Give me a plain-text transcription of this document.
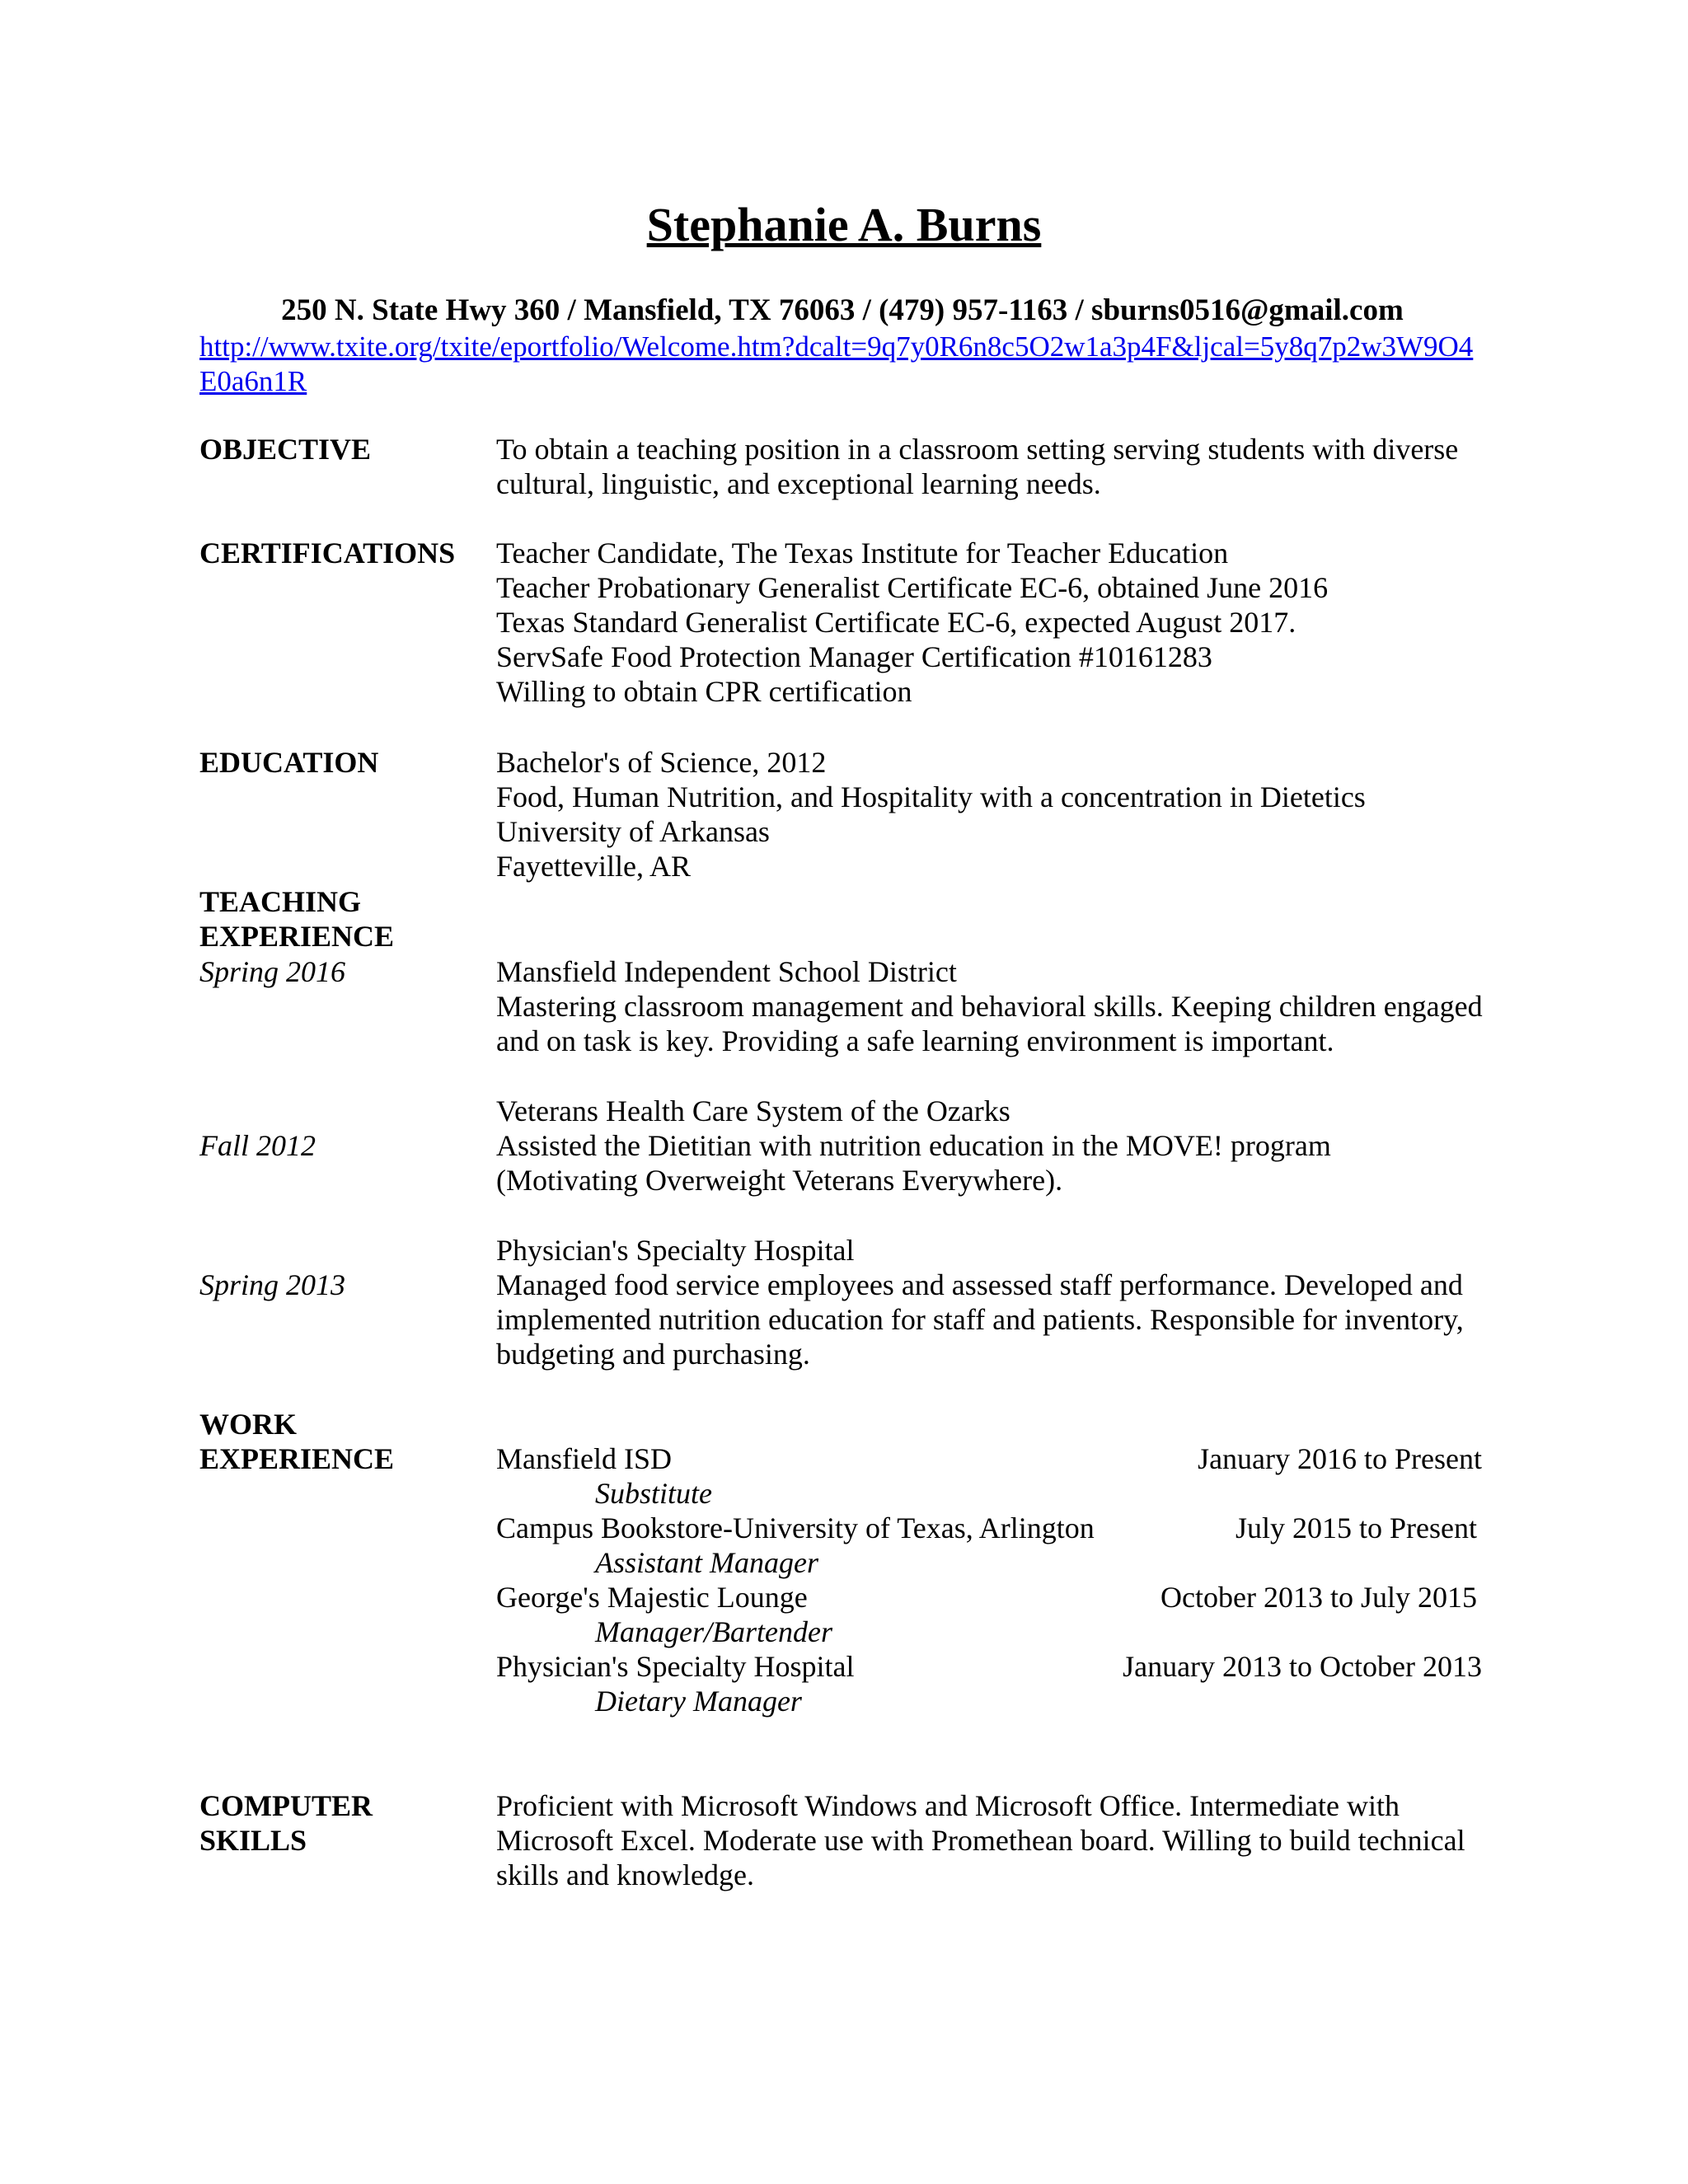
Stephanie A. Burns
250 N. State Hwy 360 / Mansfield, TX 76063 / (479) 957-1163 / sburns0516@gmail.com
http://www.txite.org/txite/eportfolio/Welcome.htm?dcalt=9q7y0R6n8c5O2w1a3p4F&ljcal=5y8q7p2w3W9O4E0a6n1R
OBJECTIVE	To obtain a teaching position in a classroom setting serving students with diverse cultural, linguistic, and exceptional learning needs.
CERTIFICATIONS Teacher Candidate, The Texas Institute for Teacher Education
Teacher Probationary Generalist Certificate EC-6, obtained June 2016
Texas Standard Generalist Certificate EC-6, expected August 2017.
ServSafe Food Protection Manager Certification #10161283
Willing to obtain CPR certification
EDUCATION	Bachelor's of Science, 2012
Food, Human Nutrition, and Hospitality with a concentration in Dietetics
University of Arkansas
Fayetteville, AR
TEACHING
EXPERIENCE
Spring 2016	Mansfield Independent School District
Mastering classroom management and behavioral skills. Keeping children engaged and on task is key. Providing a safe learning environment is important.
Veterans Health Care System of the Ozarks
Fall 2012	Assisted the Dietitian with nutrition education in the MOVE! program (Motivating Overweight Veterans Everywhere).
Physician's Specialty Hospital
Spring 2013	Managed food service employees and assessed staff performance. Developed and implemented nutrition education for staff and patients. Responsible for inventory, budgeting and purchasing.
WORK
EXPERIENCE	Mansfield ISD	January 2016 to Present
Substitute
Campus Bookstore-University of Texas, Arlington	July 2015 to Present
Assistant Manager
George's Majestic Lounge	October 2013 to July 2015
Manager/Bartender
Physician's Specialty Hospital	January 2013 to October 2013
Dietary Manager
COMPUTER
SKILLS
Proficient with Microsoft Windows and Microsoft Office. Intermediate with Microsoft Excel. Moderate use with Promethean board. Willing to build technical skills and knowledge.
